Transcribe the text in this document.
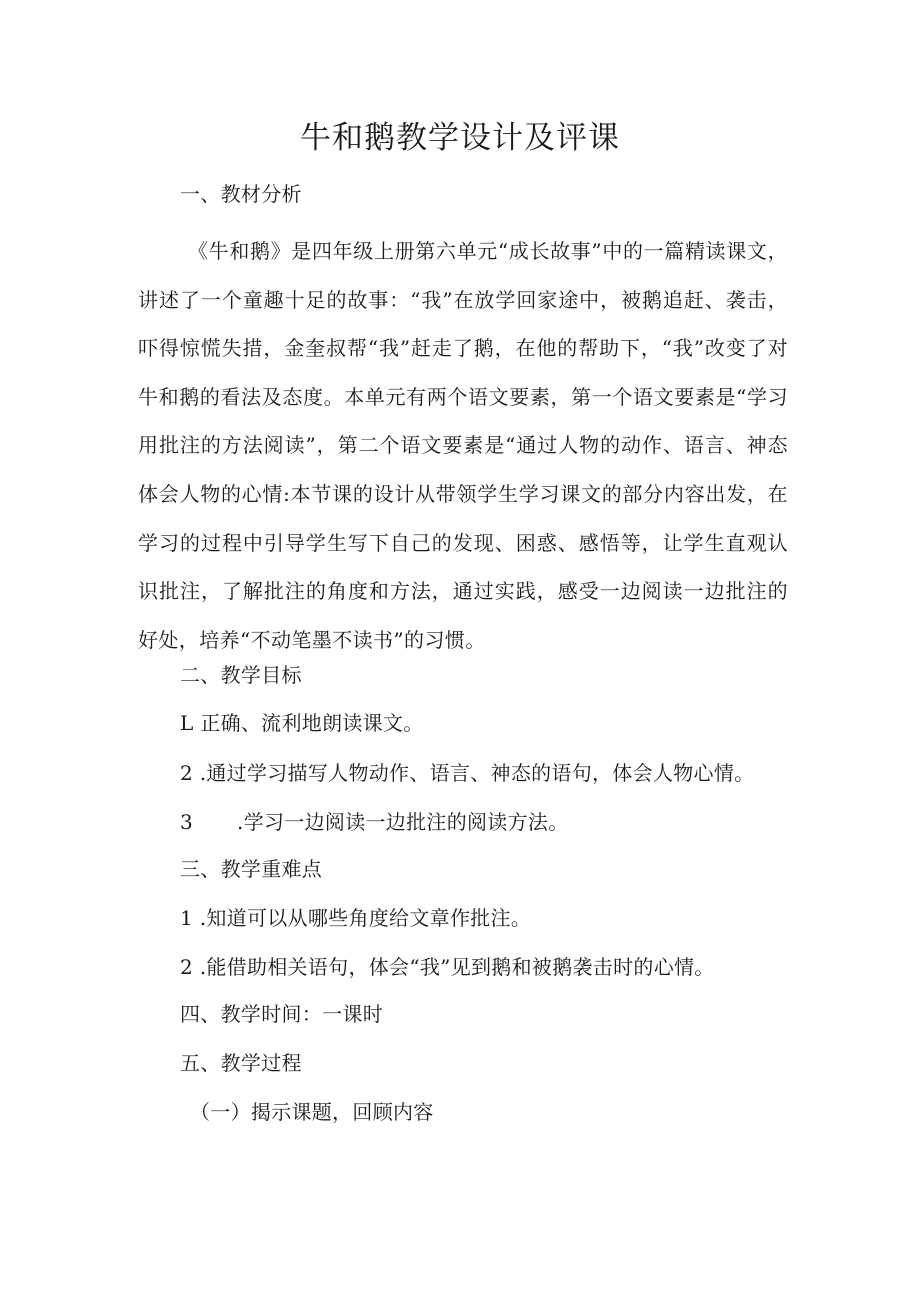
牛和鹅教学设计及评课
一、教材分析
《牛和鹅》是四年级上册第六单元“成长故事”中的一篇精读课文，讲述了一个童趣十足的故事：“我”在放学回家途中，被鹅追赶、袭击，吓得惊慌失措，金奎叔帮“我”赶走了鹅，在他的帮助下，“我”改变了对牛和鹅的看法及态度。本单元有两个语文要素，第一个语文要素是“学习用批注的方法阅读”，第二个语文要素是“通过人物的动作、语言、神态体会人物的心情:本节课的设计从带领学生学习课文的部分内容出发，在学习的过程中引导学生写下自己的发现、困惑、感悟等，让学生直观认识批注，了解批注的角度和方法，通过实践，感受一边阅读一边批注的好处，培养“不动笔墨不读书”的习惯。
二、教学目标
L 正确、流利地朗读课文。
2 .通过学习描写人物动作、语言、神态的语句，体会人物心情。
3 .学习一边阅读一边批注的阅读方法。
三、教学重难点
1 .知道可以从哪些角度给文章作批注。
2 .能借助相关语句，体会“我”见到鹅和被鹅袭击时的心情。
四、教学时间：一课时
五、教学过程
（一）揭示课题，回顾内容
